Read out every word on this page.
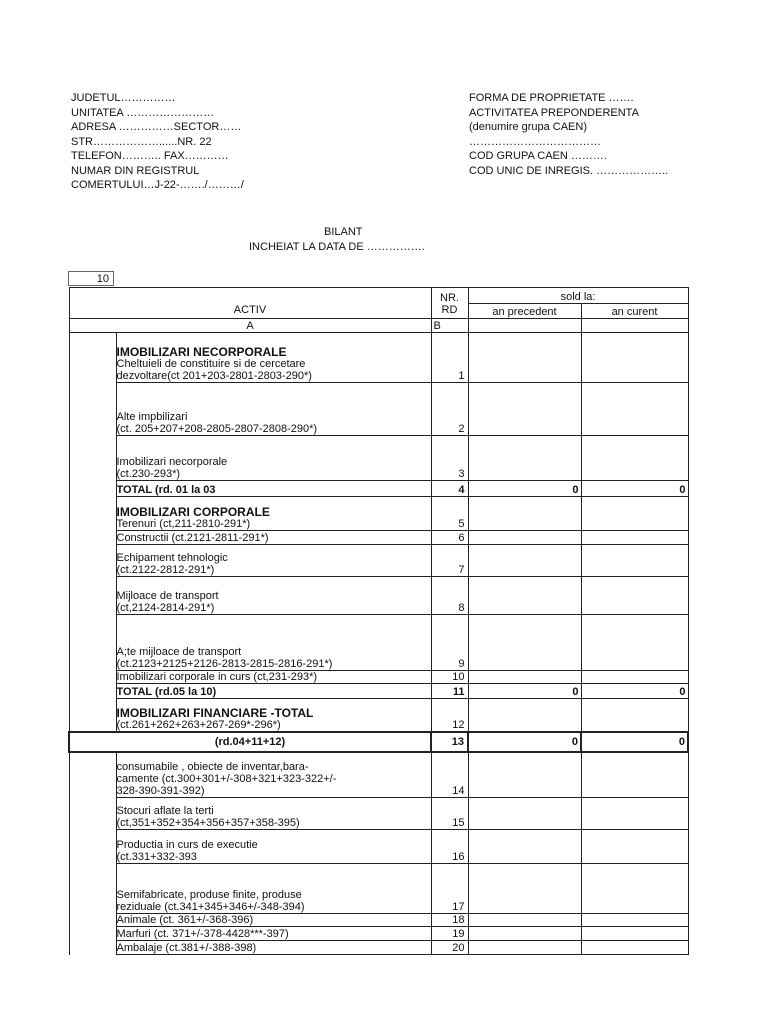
JUDETUL……………
UNITATEA ……………………
ADRESA ……………SECTOR……
STR………………......NR. 22
TELEFON……….. FAX…………
NUMAR DIN REGISTRUL
COMERTULUI…J-22-……./………/
FORMA DE PROPRIETATE …….
ACTIVITATEA PREPONDERENTA
(denumire grupa CAEN)
………………………………
COD GRUPA CAEN ……….
COD UNIC DE INREGIS. ………………..
BILANT
INCHEIAT LA DATA DE …………….
10
ACTIV		NR.
RD	sold la:	
			an precedent	an curent
A		B		

	IMOBILIZARI NECORPORALE
Cheltuieli de constituire si de cercetare
dezvoltare(ct 201+203-2801-2803-290*)	1		

	Alte impbilizari
(ct. 205+207+208-2805-2807-2808-290*)	2		

	Imobilizari necorporale
(ct.230-293*)	3		

	TOTAL (rd. 01 la 03	4	0	0

	IMOBILIZARI CORPORALE
Terenuri (ct,211-2810-291*)	5		

	Constructii (ct.2121-2811-291*)	6		

	Echipament tehnologic
(ct.2122-2812-291*)	7		

	Mijloace de transport
(ct,2124-2814-291*)	8		

	A;te mijloace de transport
(ct.2123+2125+2126-2813-2815-2816-291*)	9		

	Imobilizari corporale in curs (ct,231-293*)	10		

	TOTAL (rd.05 la 10)	11	0	0

	IMOBILIZARI FINANCIARE -TOTAL
(ct.261+262+263+267-269*-296*)	12		
(rd.04+11+12)		13	0	0

	consumabile , obiecte de inventar,bara-
camente (ct.300+301+/-308+321+323-322+/-
328-390-391-392)	14		

	Stocuri aflate la terti
(ct,351+352+354+356+357+358-395)	15		

	Productia in curs de executie
(ct.331+332-393	16		

	Semifabricate, produse finite, produse
reziduale (ct.341+345+346+/-348-394)	17		

	Animale (ct. 361+/-368-396)	18		

	Marfuri (ct. 371+/-378-4428***-397)	19		

	Ambalaje (ct.381+/-388-398)	20		
